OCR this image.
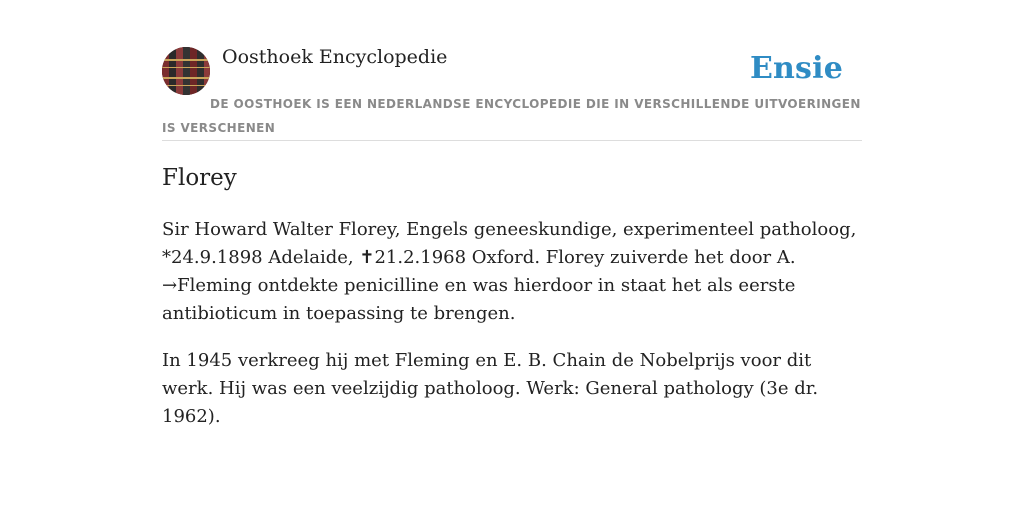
Oosthoek Encyclopedie	Ensie
DE OOSTHOEK IS EEN NEDERLANDSE ENCYCLOPEDIE DIE IN VERSCHILLENDE UITVOERINGEN IS VERSCHENEN
Florey

Sir Howard Walter Florey, Engels geneeskundige, experimenteel patholoog, *24.9.1898 Adelaide, ✝21.2.1968 Oxford. Florey zuiverde het door A. →Fleming ontdekte penicilline en was hierdoor in staat het als eerste antibioticum in toepassing te brengen.

In 1945 verkreeg hij met Fleming en E. B. Chain de Nobelprijs voor dit werk. Hij was een veelzijdig patholoog. Werk: General pathology (3e dr. 1962).
